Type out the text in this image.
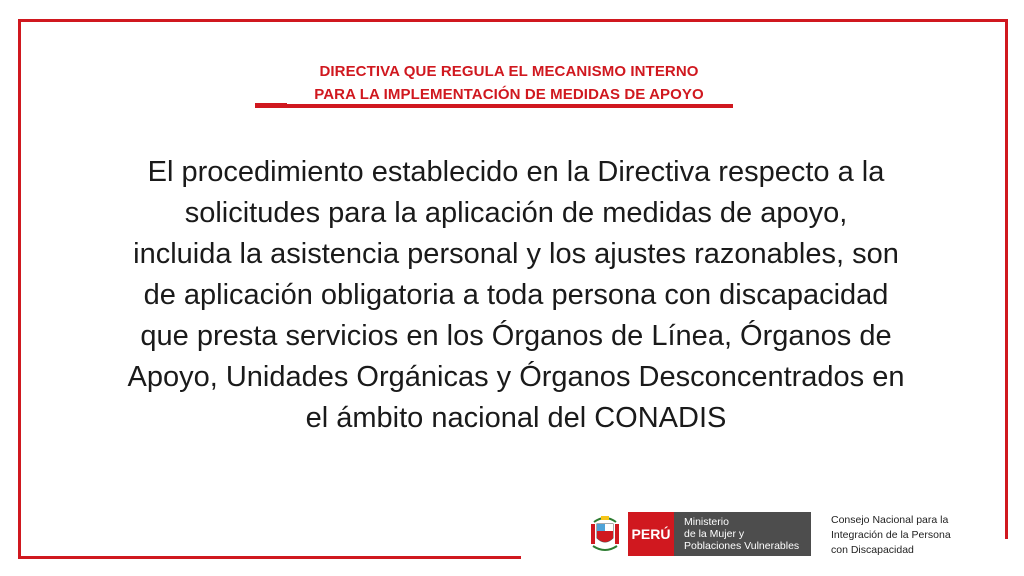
DIRECTIVA QUE REGULA EL MECANISMO INTERNO
PARA LA IMPLEMENTACIÓN DE MEDIDAS DE APOYO
El procedimiento establecido en la Directiva respecto a la
solicitudes para la aplicación de medidas de apoyo,
incluida la asistencia personal y los ajustes razonables, son
de aplicación obligatoria a toda persona con discapacidad
que presta servicios en los Órganos de Línea, Órganos de
Apoyo, Unidades Orgánicas y Órganos Desconcentrados en
el ámbito nacional del CONADIS
PERÚ
Ministerio
de la Mujer y
Poblaciones Vulnerables
Consejo Nacional para la
Integración de la Persona
con Discapacidad
